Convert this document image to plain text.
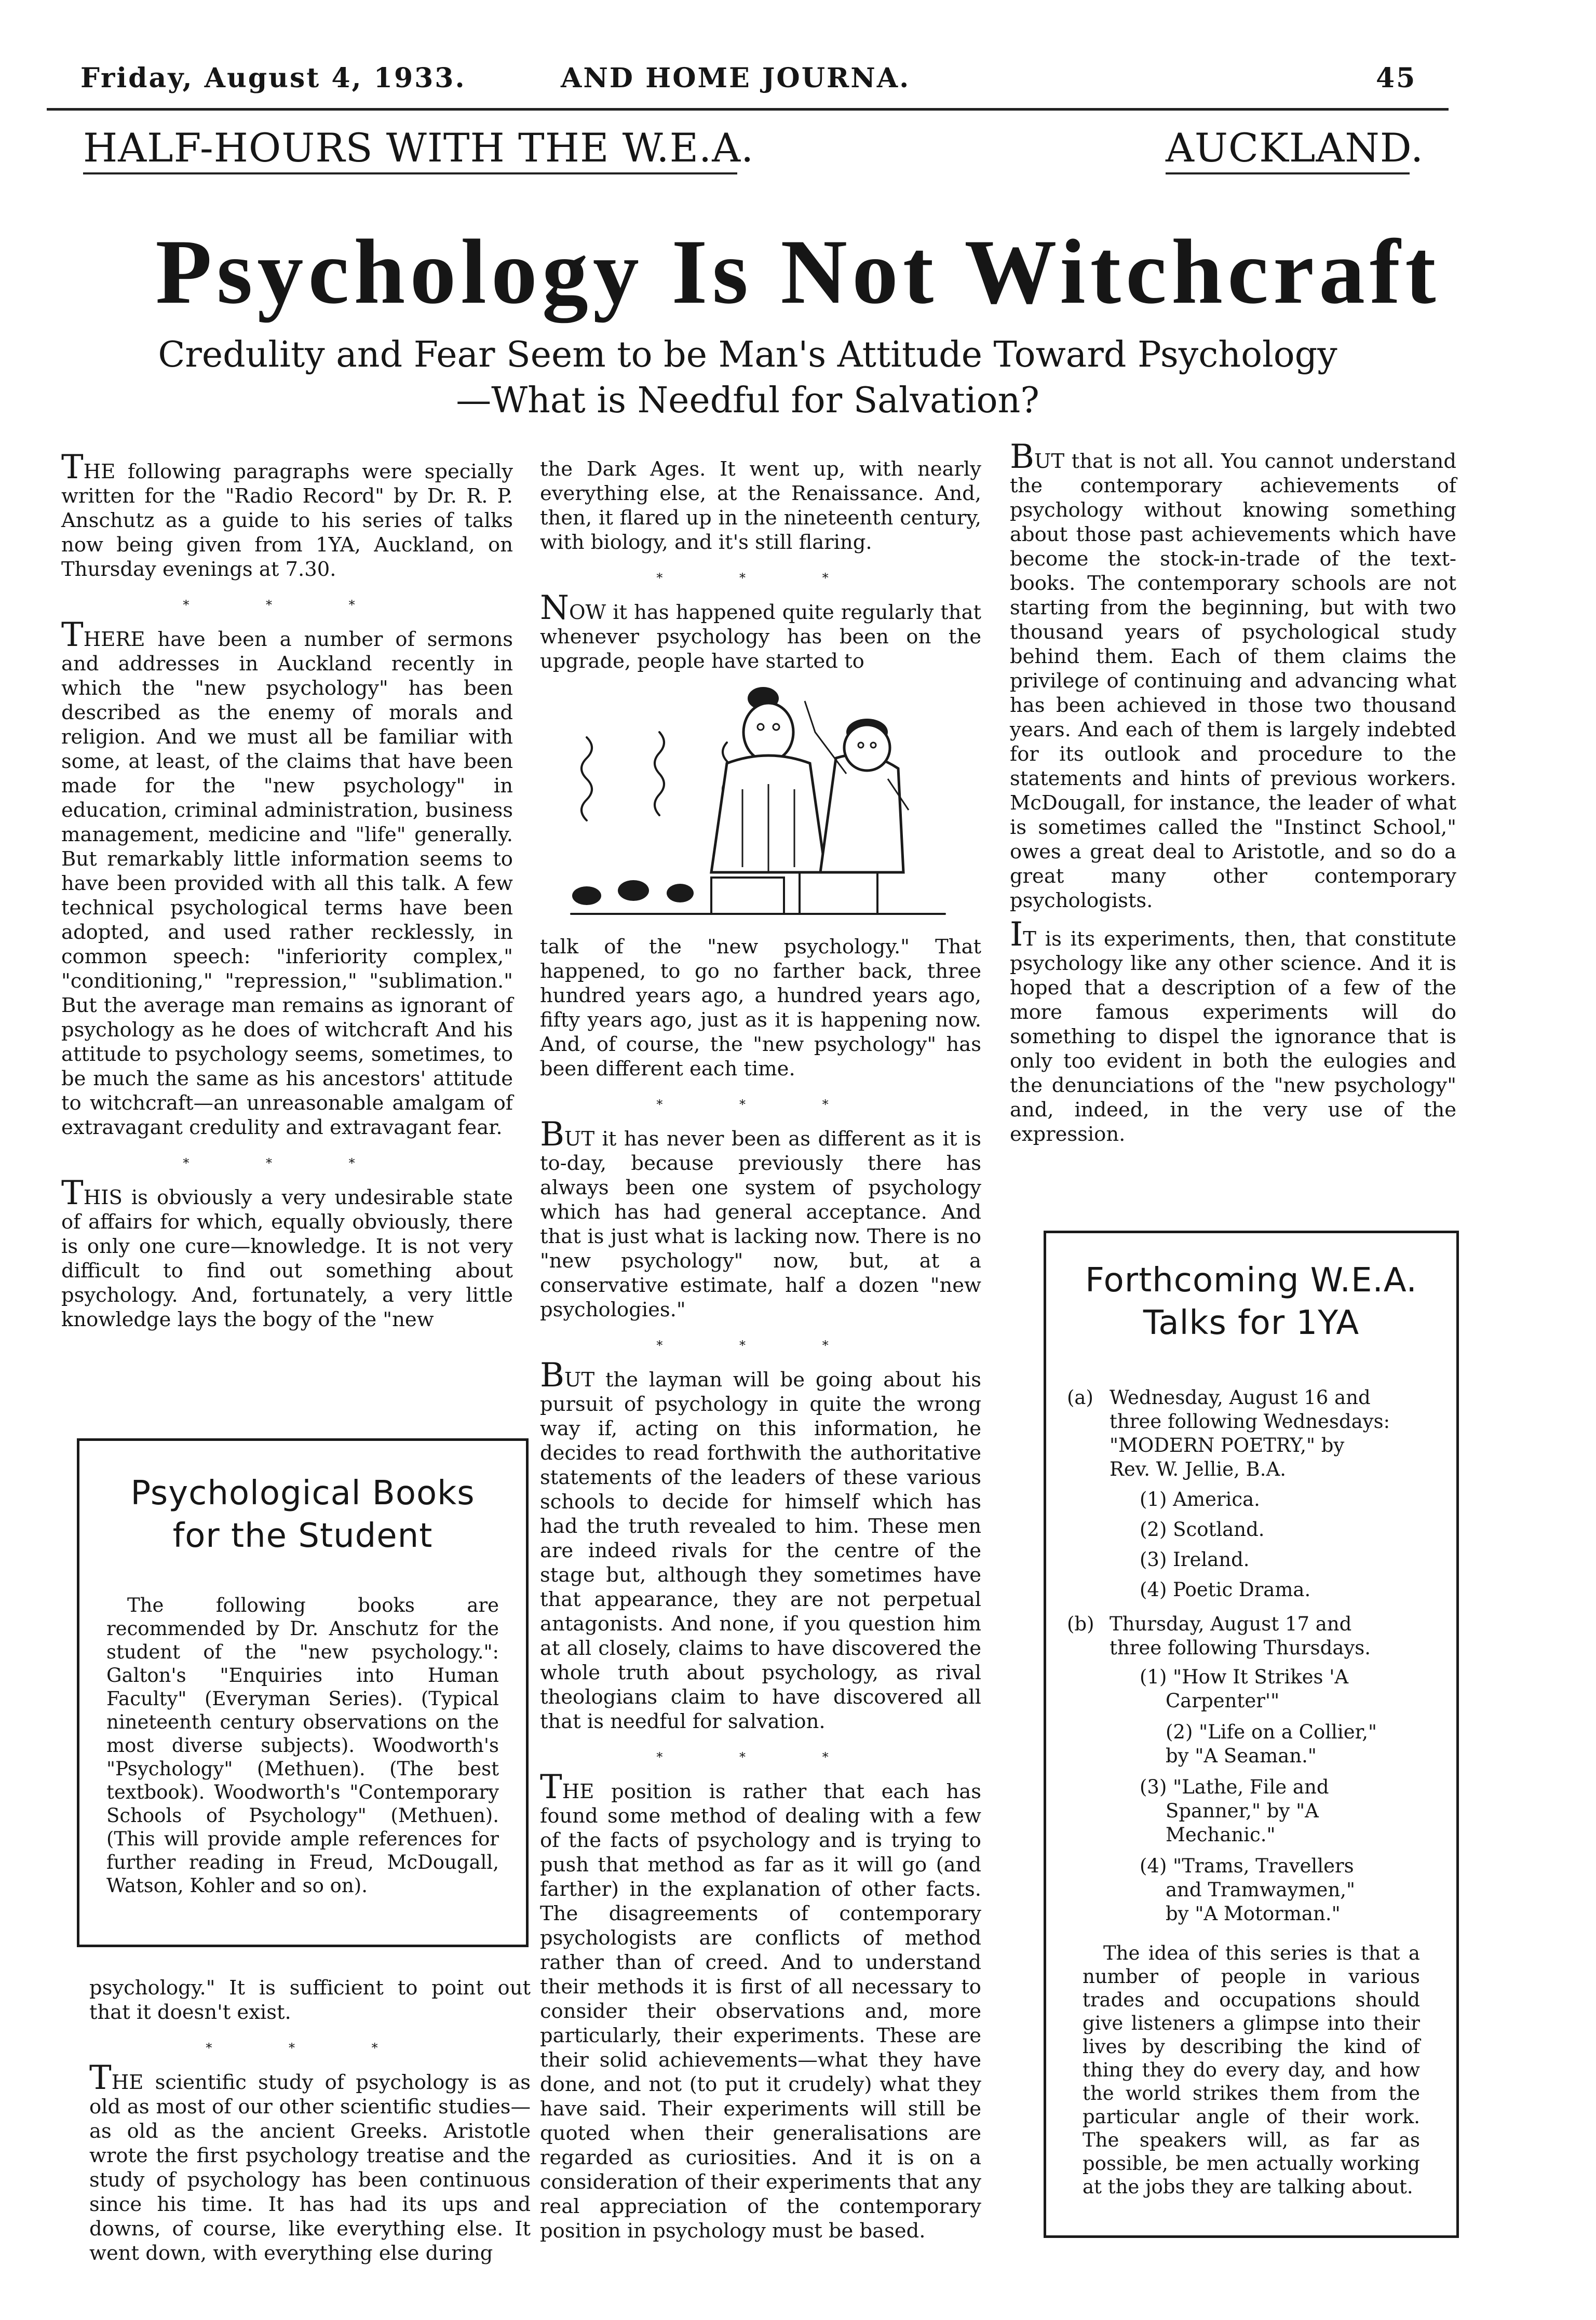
Friday, August 4, 1933.	AND HOME JOURNA.	45
HALF-HOURS WITH THE W.E.A.	AUCKLAND.
Psychology Is Not Witchcraft
Credulity and Fear Seem to be Man's Attitude Toward Psychology
—What is Needful for Salvation?

THE following paragraphs were specially written for the "Radio Record" by Dr. R. P. Anschutz as a guide to his series of talks now being given from 1YA, Auckland, on Thursday evenings at 7.30.

* * *

THERE have been a number of sermons and addresses in Auckland recently in which the "new psychology" has been described as the enemy of morals and religion. And we must all be familiar with some, at least, of the claims that have been made for the "new psychology" in education, criminal administration, business management, medicine and "life" generally. But remarkably little information seems to have been provided with all this talk. A few technical psychological terms have been adopted, and used rather recklessly, in common speech: "inferiority complex," "conditioning," "repression," "sublimation." But the average man remains as ignorant of psychology as he does of witchcraft And his attitude to psychology seems, sometimes, to be much the same as his ancestors' attitude to witchcraft—an unreasonable amalgam of extravagant credulity and extravagant fear.

* * *

THIS is obviously a very undesirable state of affairs for which, equally obviously, there is only one cure—knowledge. It is not very difficult to find out something about psychology. And, fortunately, a very little knowledge lays the bogy of the "new

Psychological Books
for the Student
The following books are recommended by Dr. Anschutz for the student of the "new psychology.": Galton's "Enquiries into Human Faculty" (Everyman Series). (Typical nineteenth century observations on the most diverse subjects). Woodworth's "Psychology" (Methuen). (The best textbook). Woodworth's "Contemporary Schools of Psychology" (Methuen). (This will provide ample references for further reading in Freud, McDougall, Watson, Kohler and so on).

psychology." It is sufficient to point out that it doesn't exist.

* * *

THE scientific study of psychology is as old as most of our other scientific studies—as old as the ancient Greeks. Aristotle wrote the first psychology treatise and the study of psychology has been continuous since his time. It has had its ups and downs, of course, like everything else. It went down, with everything else during

the Dark Ages. It went up, with nearly everything else, at the Renaissance. And, then, it flared up in the nineteenth century, with biology, and it's still flaring.

* * *

NOW it has happened quite regularly that whenever psychology has been on the upgrade, people have started to

talk of the "new psychology." That happened, to go no farther back, three hundred years ago, a hundred years ago, fifty years ago, just as it is happening now. And, of course, the "new psychology" has been different each time.

* * *

BUT it has never been as different as it is to-day, because previously there has always been one system of psychology which has had general acceptance. And that is just what is lacking now. There is no "new psychology" now, but, at a conservative estimate, half a dozen "new psychologies."

* * *

BUT the layman will be going about his pursuit of psychology in quite the wrong way if, acting on this information, he decides to read forthwith the authoritative statements of the leaders of these various schools to decide for himself which has had the truth revealed to him. These men are indeed rivals for the centre of the stage but, although they sometimes have that appearance, they are not perpetual antagonists. And none, if you question him at all closely, claims to have discovered the whole truth about psychology, as rival theologians claim to have discovered all that is needful for salvation.

* * *

THE position is rather that each has found some method of dealing with a few of the facts of psychology and is trying to push that method as far as it will go (and farther) in the explanation of other facts. The disagreements of contemporary psychologists are conflicts of method rather than of creed. And to understand their methods it is first of all necessary to consider their observations and, more particularly, their experiments. These are their solid achievements—what they have done, and not (to put it crudely) what they have said. Their experiments will still be quoted when their generalisations are regarded as curiosities. And it is on a consideration of their experiments that any real appreciation of the contemporary position in psychology must be based.

BUT that is not all. You cannot understand the contemporary achievements of psychology without knowing something about those past achievements which have become the stock-in-trade of the text-books. The contemporary schools are not starting from the beginning, but with two thousand years of psychological study behind them. Each of them claims the privilege of continuing and advancing what has been achieved in those two thousand years. And each of them is largely indebted for its outlook and procedure to the statements and hints of previous workers. McDougall, for instance, the leader of what is sometimes called the "Instinct School," owes a great deal to Aristotle, and so do a great many other contemporary psychologists.

IT is its experiments, then, that constitute psychology like any other science. And it is hoped that a description of a few of the more famous experiments will do something to dispel the ignorance that is only too evident in both the eulogies and the denunciations of the "new psychology" and, indeed, in the very use of the expression.

Forthcoming W.E.A.
Talks for 1YA
(a) Wednesday, August 16 and
three following Wednesdays:
"MODERN POETRY," by
Rev. W. Jellie, B.A.
(1) America.
(2) Scotland.
(3) Ireland.
(4) Poetic Drama.
(b) Thursday, August 17 and
three following Thursdays.
(1) "How It Strikes 'A
Carpenter'"
(2) "Life on a Collier,"
by "A Seaman."
(3) "Lathe, File and
Spanner," by "A
Mechanic."
(4) "Trams, Travellers
and Tramwaymen,"
by "A Motorman."
The idea of this series is that a number of people in various trades and occupations should give listeners a glimpse into their lives by describing the kind of thing they do every day, and how the world strikes them from the particular angle of their work. The speakers will, as far as possible, be men actually working at the jobs they are talking about.
